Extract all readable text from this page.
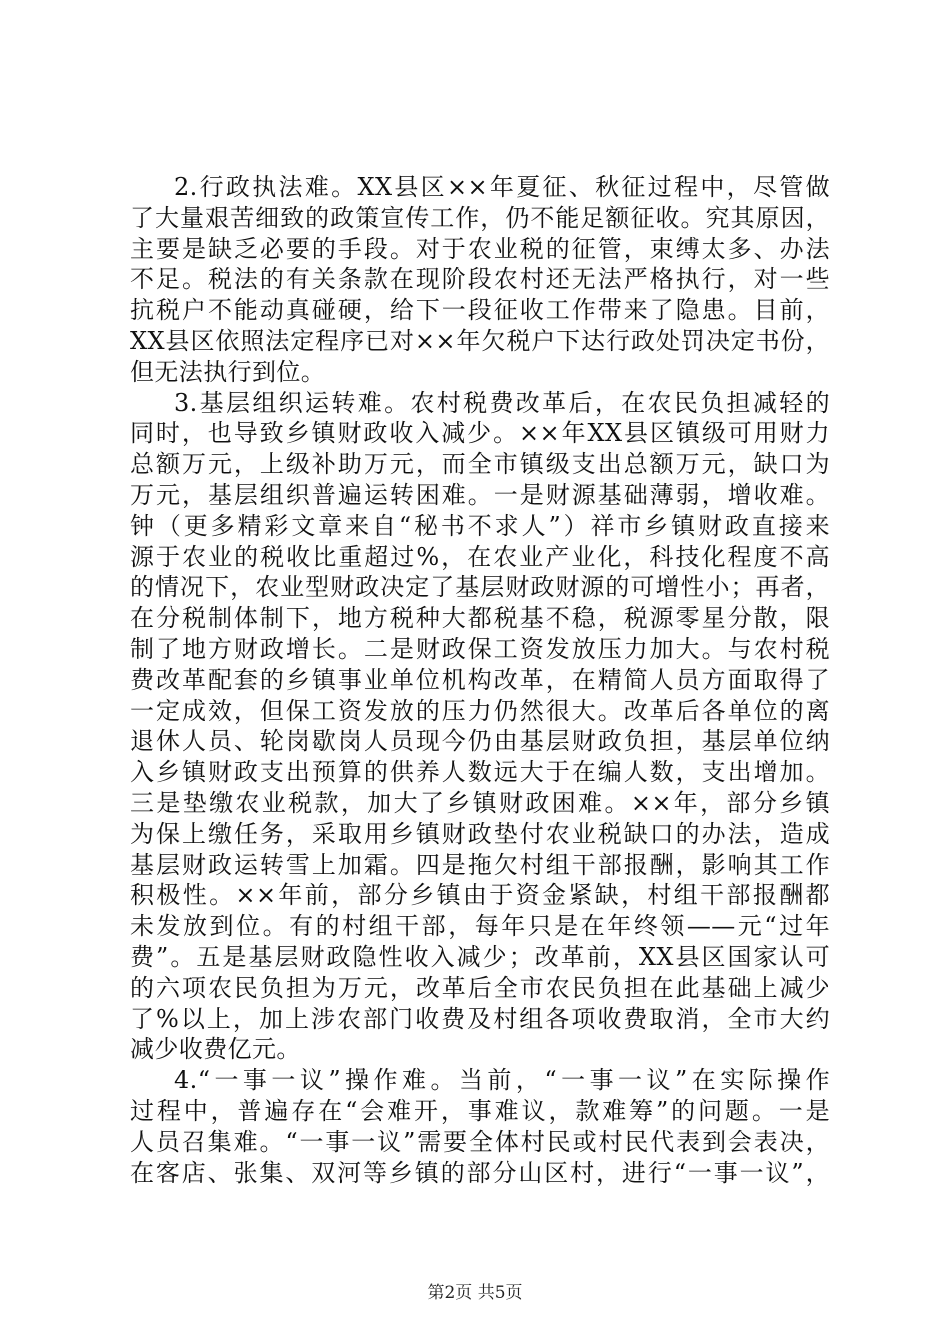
2.行政执法难。XX县区××年夏征、秋征过程中，尽管做
了大量艰苦细致的政策宣传工作，仍不能足额征收。究其原因，
主要是缺乏必要的手段。对于农业税的征管，束缚太多、办法
不足。税法的有关条款在现阶段农村还无法严格执行，对一些
抗税户不能动真碰硬，给下一段征收工作带来了隐患。目前，
XX县区依照法定程序已对××年欠税户下达行政处罚决定书份，
但无法执行到位。
3.基层组织运转难。农村税费改革后，在农民负担减轻的
同时，也导致乡镇财政收入减少。××年XX县区镇级可用财力
总额万元，上级补助万元，而全市镇级支出总额万元，缺口为
万元，基层组织普遍运转困难。一是财源基础薄弱，增收难。
钟（更多精彩文章来自“秘书不求人”）祥市乡镇财政直接来
源于农业的税收比重超过%，在农业产业化，科技化程度不高
的情况下，农业型财政决定了基层财政财源的可增性小；再者，
在分税制体制下，地方税种大都税基不稳，税源零星分散，限
制了地方财政增长。二是财政保工资发放压力加大。与农村税
费改革配套的乡镇事业单位机构改革，在精简人员方面取得了
一定成效，但保工资发放的压力仍然很大。改革后各单位的离
退休人员、轮岗歇岗人员现今仍由基层财政负担，基层单位纳
入乡镇财政支出预算的供养人数远大于在编人数，支出增加。
三是垫缴农业税款，加大了乡镇财政困难。××年，部分乡镇
为保上缴任务，采取用乡镇财政垫付农业税缺口的办法，造成
基层财政运转雪上加霜。四是拖欠村组干部报酬，影响其工作
积极性。××年前，部分乡镇由于资金紧缺，村组干部报酬都
未发放到位。有的村组干部，每年只是在年终领——元“过年
费”。五是基层财政隐性收入减少；改革前，XX县区国家认可
的六项农民负担为万元，改革后全市农民负担在此基础上减少
了%以上，加上涉农部门收费及村组各项收费取消，全市大约
减少收费亿元。
4.“一事一议”操作难。当前，“一事一议”在实际操作
过程中，普遍存在“会难开，事难议，款难筹”的问题。一是
人员召集难。“一事一议”需要全体村民或村民代表到会表决，
在客店、张集、双河等乡镇的部分山区村，进行“一事一议”，
第2页 共5页
